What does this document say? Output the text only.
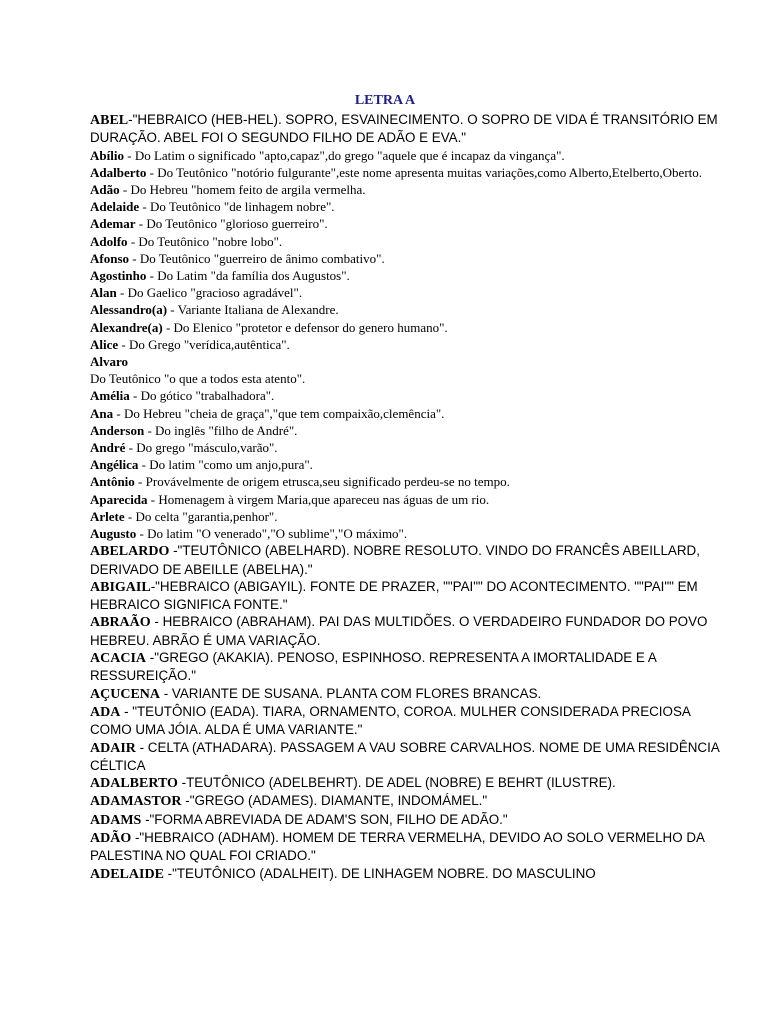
LETRA A
ABEL-"HEBRAICO (HEB-HEL). SOPRO, ESVAINECIMENTO. O SOPRO DE VIDA É TRANSITÓRIO EM DURAÇÃO. ABEL FOI O SEGUNDO FILHO DE ADÃO E EVA."
Abílio - Do Latim o significado "apto,capaz",do grego "aquele que é incapaz da vingança".
Adalberto - Do Teutônico "notório fulgurante",este nome apresenta muitas variações,como Alberto,Etelberto,Oberto.
Adão - Do Hebreu "homem feito de argila vermelha.
Adelaide - Do Teutônico "de linhagem nobre".
Ademar - Do Teutônico "glorioso guerreiro".
Adolfo - Do Teutônico "nobre lobo".
Afonso - Do Teutônico "guerreiro de ânimo combativo".
Agostinho - Do Latim "da família dos Augustos".
Alan - Do Gaelico "gracioso agradável".
Alessandro(a) - Variante Italiana de Alexandre.
Alexandre(a) - Do Elenico "protetor e defensor do genero humano".
Alice - Do Grego "verídica,autêntica".
Alvaro
Do Teutônico "o que a todos esta atento".
Amélia - Do gótico "trabalhadora".
Ana - Do Hebreu "cheia de graça","que tem compaixão,clemência".
Anderson - Do inglês "filho de André".
André - Do grego "másculo,varão".
Angélica - Do latim "como um anjo,pura".
Antônio - Provávelmente de origem etrusca,seu significado perdeu-se no tempo.
Aparecida - Homenagem à virgem Maria,que apareceu nas águas de um rio.
Arlete - Do celta "garantia,penhor".
Augusto - Do latim "O venerado","O sublime","O máximo".
ABELARDO -"TEUTÔNICO (ABELHARD). NOBRE RESOLUTO. VINDO DO FRANCÊS ABEILLARD, DERIVADO DE ABEILLE (ABELHA)."
ABIGAIL-"HEBRAICO (ABIGAYIL). FONTE DE PRAZER, ""PAI"" DO ACONTECIMENTO. ""PAI"" EM HEBRAICO SIGNIFICA FONTE."
ABRAÃO - HEBRAICO (ABRAHAM). PAI DAS MULTIDÕES. O VERDADEIRO FUNDADOR DO POVO HEBREU. ABRÃO É UMA VARIAÇÃO.
ACACIA -"GREGO (AKAKIA). PENOSO, ESPINHOSO. REPRESENTA A IMORTALIDADE E A RESSUREIÇÃO."
AÇUCENA - VARIANTE DE SUSANA. PLANTA COM FLORES BRANCAS.
ADA - "TEUTÔNIO (EADA). TIARA, ORNAMENTO, COROA. MULHER CONSIDERADA PRECIOSA COMO UMA JÓIA. ALDA É UMA VARIANTE."
ADAIR - CELTA (ATHADARA). PASSAGEM A VAU SOBRE CARVALHOS. NOME DE UMA RESIDÊNCIA CÉLTICA
ADALBERTO -TEUTÔNICO (ADELBEHRT). DE ADEL (NOBRE) E BEHRT (ILUSTRE).
ADAMASTOR -"GREGO (ADAMES). DIAMANTE, INDOMÁMEL."
ADAMS -"FORMA ABREVIADA DE ADAM'S SON, FILHO DE ADÃO."
ADÃO -"HEBRAICO (ADHAM). HOMEM DE TERRA VERMELHA, DEVIDO AO SOLO VERMELHO DA PALESTINA NO QUAL FOI CRIADO."
ADELAIDE -"TEUTÔNICO (ADALHEIT). DE LINHAGEM NOBRE. DO MASCULINO
